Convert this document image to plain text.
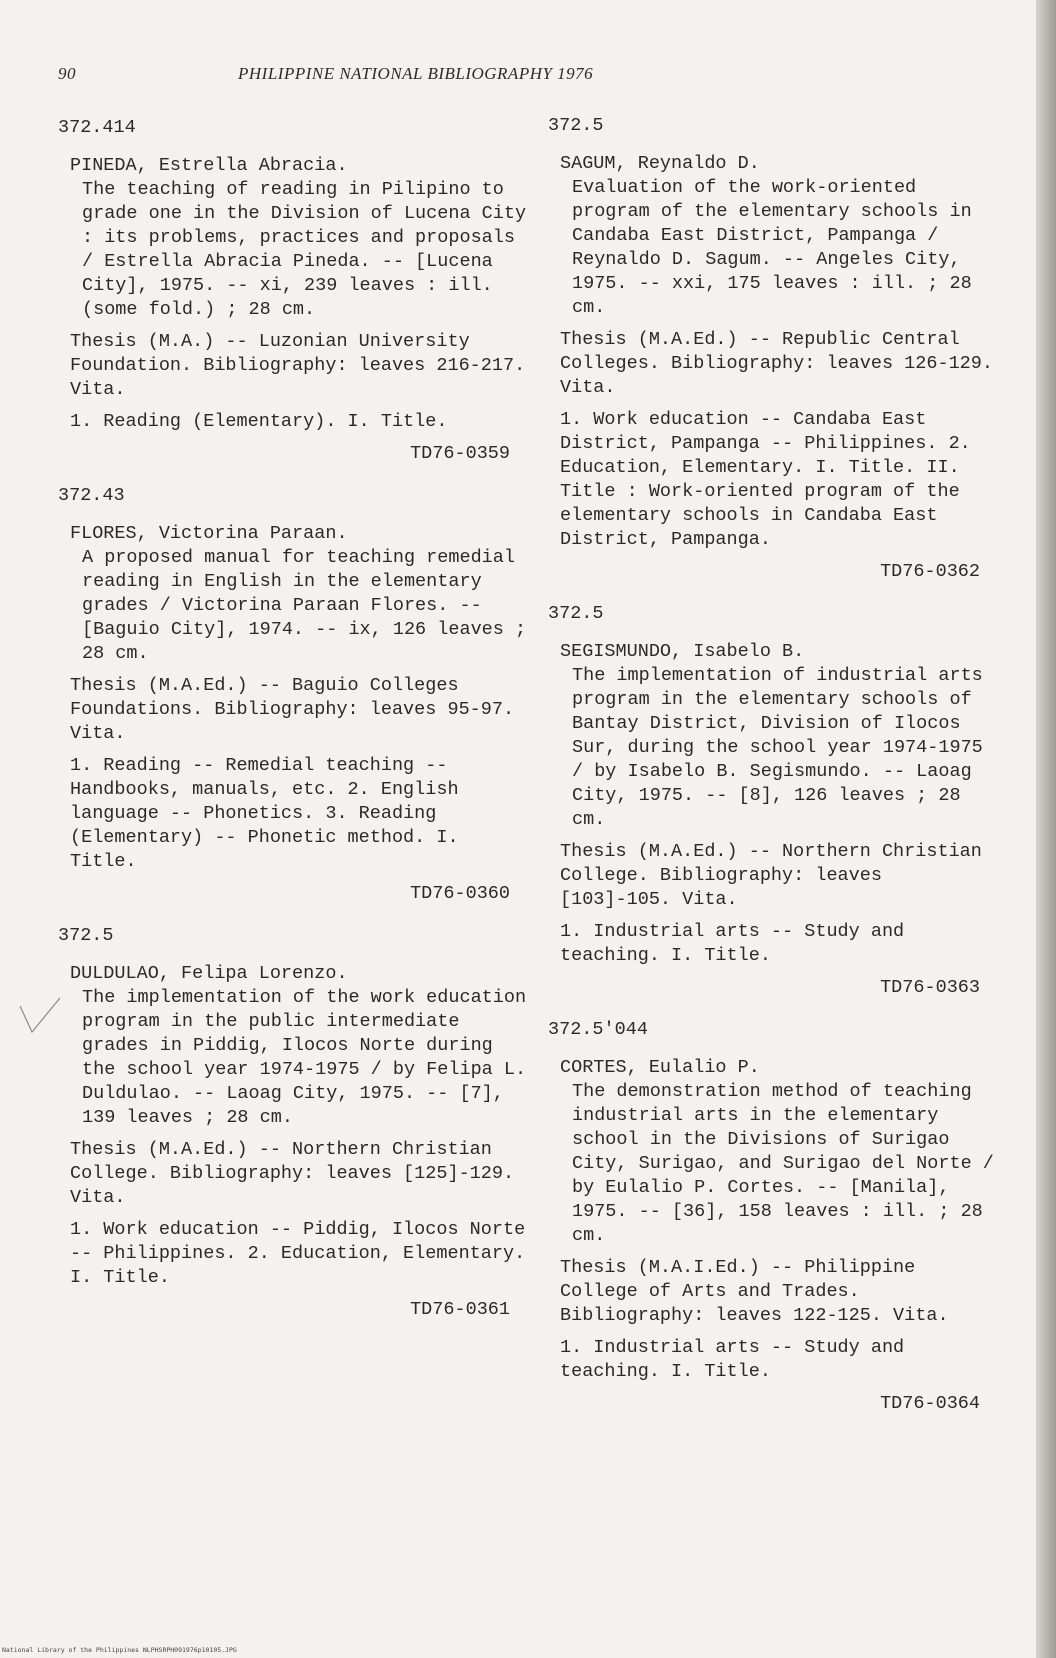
90	PHILIPPINE NATIONAL BIBLIOGRAPHY 1976
372.414

PINEDA, Estrella Abracia.
The teaching of reading in Pilipino to grade one in the Division of Lucena City : its problems, practices and proposals / Estrella Abracia Pineda. -- [Lucena City], 1975. -- xi, 239 leaves : ill. (some fold.) ; 28 cm.

Thesis (M.A.) -- Luzonian University Foundation. Bibliography: leaves 216-217. Vita.

1. Reading (Elementary). I. Title.

TD76-0359
372.43

FLORES, Victorina Paraan.
A proposed manual for teaching remedial reading in English in the elementary grades / Victorina Paraan Flores. -- [Baguio City], 1974. -- ix, 126 leaves ; 28 cm.

Thesis (M.A.Ed.) -- Baguio Colleges Foundations. Bibliography: leaves 95-97. Vita.

1. Reading -- Remedial teaching -- Handbooks, manuals, etc. 2. English language -- Phonetics. 3. Reading (Elementary) -- Phonetic method. I. Title.

TD76-0360
372.5

DULDULAO, Felipa Lorenzo.
The implementation of the work education program in the public intermediate grades in Piddig, Ilocos Norte during the school year 1974-1975 / by Felipa L. Duldulao. -- Laoag City, 1975. -- [7], 139 leaves ; 28 cm.

Thesis (M.A.Ed.) -- Northern Christian College. Bibliography: leaves [125]-129. Vita.

1. Work education -- Piddig, Ilocos Norte -- Philippines. 2. Education, Elementary. I. Title.

TD76-0361
372.5

SAGUM, Reynaldo D.
Evaluation of the work-oriented program of the elementary schools in Candaba East District, Pampanga / Reynaldo D. Sagum. -- Angeles City, 1975. -- xxi, 175 leaves : ill. ; 28 cm.

Thesis (M.A.Ed.) -- Republic Central Colleges. Bibliography: leaves 126-129. Vita.

1. Work education -- Candaba East District, Pampanga -- Philippines. 2. Education, Elementary. I. Title. II. Title : Work-oriented program of the elementary schools in Candaba East District, Pampanga.

TD76-0362
372.5

SEGISMUNDO, Isabelo B.
The implementation of industrial arts program in the elementary schools of Bantay District, Division of Ilocos Sur, during the school year 1974-1975 / by Isabelo B. Segismundo. -- Laoag City, 1975. -- [8], 126 leaves ; 28 cm.

Thesis (M.A.Ed.) -- Northern Christian College. Bibliography: leaves [103]-105. Vita.

1. Industrial arts -- Study and teaching. I. Title.

TD76-0363
372.5'044

CORTES, Eulalio P.
The demonstration method of teaching industrial arts in the elementary school in the Divisions of Surigao City, Surigao, and Surigao del Norte / by Eulalio P. Cortes. -- [Manila], 1975. -- [36], 158 leaves : ill. ; 28 cm.

Thesis (M.A.I.Ed.) -- Philippine College of Arts and Trades. Bibliography: leaves 122-125. Vita.

1. Industrial arts -- Study and teaching. I. Title.

TD76-0364
National Library of the Philippines NLPHSRPH091976p10105.JPG
